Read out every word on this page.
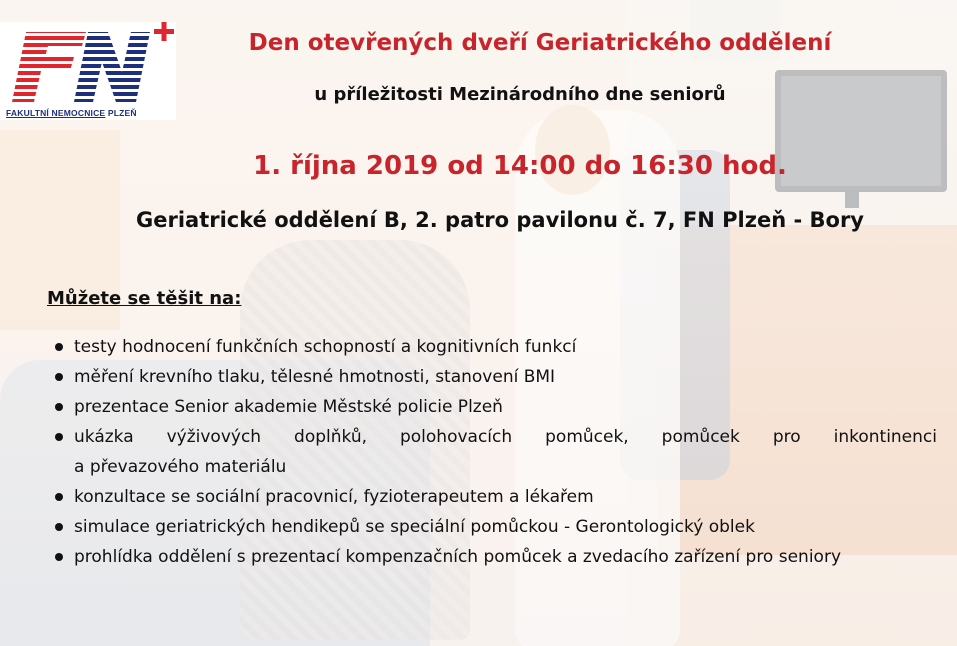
FAKULTNÍ NEMOCNICE PLZEŇ
Den otevřených dveří Geriatrického oddělení
u příležitosti Mezinárodního dne seniorů
1. října 2019 od 14:00 do 16:30 hod.
Geriatrické oddělení B, 2. patro pavilonu č. 7, FN Plzeň - Bory
Můžete se těšit na:
testy hodnocení funkčních schopností a kognitivních funkcí
měření krevního tlaku, tělesné hmotnosti, stanovení BMI
prezentace Senior akademie Městské policie Plzeň
ukázka výživových doplňků, polohovacích pomůcek, pomůcek pro inkontinenci
a převazového materiálu
konzultace se sociální pracovnicí, fyzioterapeutem a lékařem
simulace geriatrických hendikepů se speciální pomůckou - Gerontologický oblek
prohlídka oddělení s prezentací kompenzačních pomůcek a zvedacího zařízení pro seniory
